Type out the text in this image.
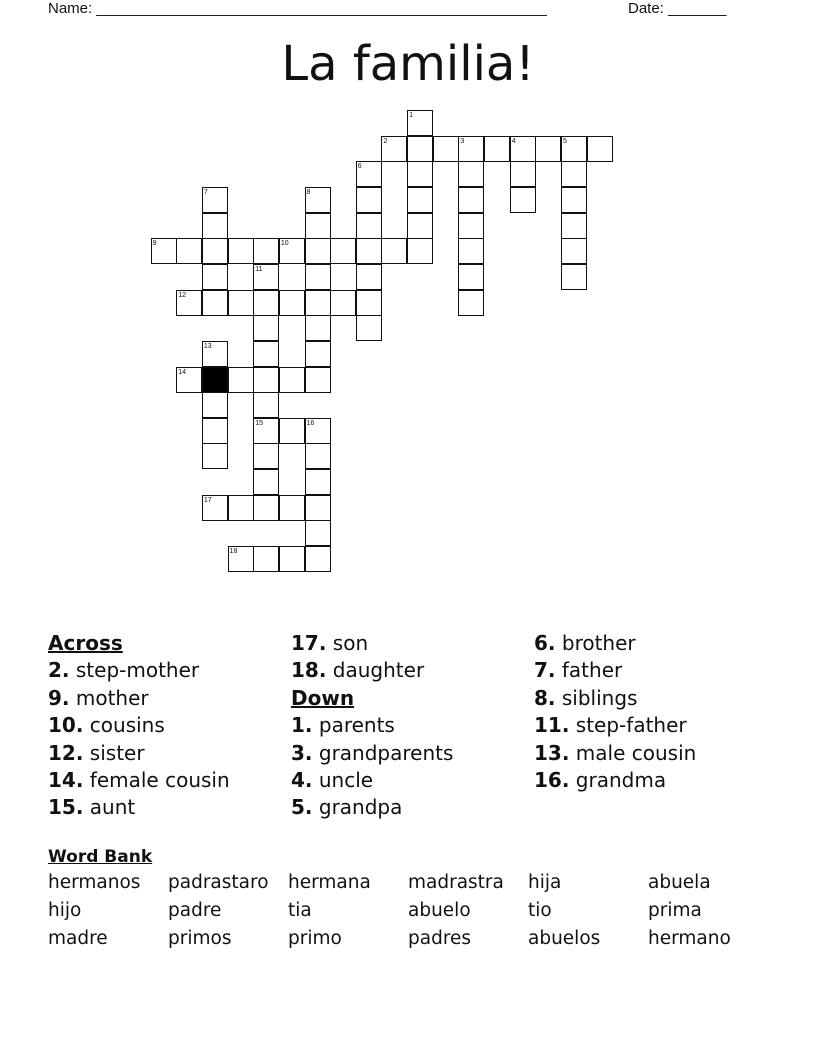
Name: ______________________________________________________	Date: _______
La familia!
2	3	4	5
9	10
12
14
15	16
17
18
1
6
7	8
11
13
Across
2. step-mother
9. mother
10. cousins
12. sister
14. female cousin
15. aunt
17. son
18. daughter
Down
1. parents
3. grandparents
4. uncle
5. grandpa
6. brother
7. father
8. siblings
11. step-father
13. male cousin
16. grandma
Word Bank
hermanos padrastaro hermana madrastra hija	abuela
hijo	padre	tia	abuelo	tio	prima
madre	primos	primo	padres	abuelos	hermano
